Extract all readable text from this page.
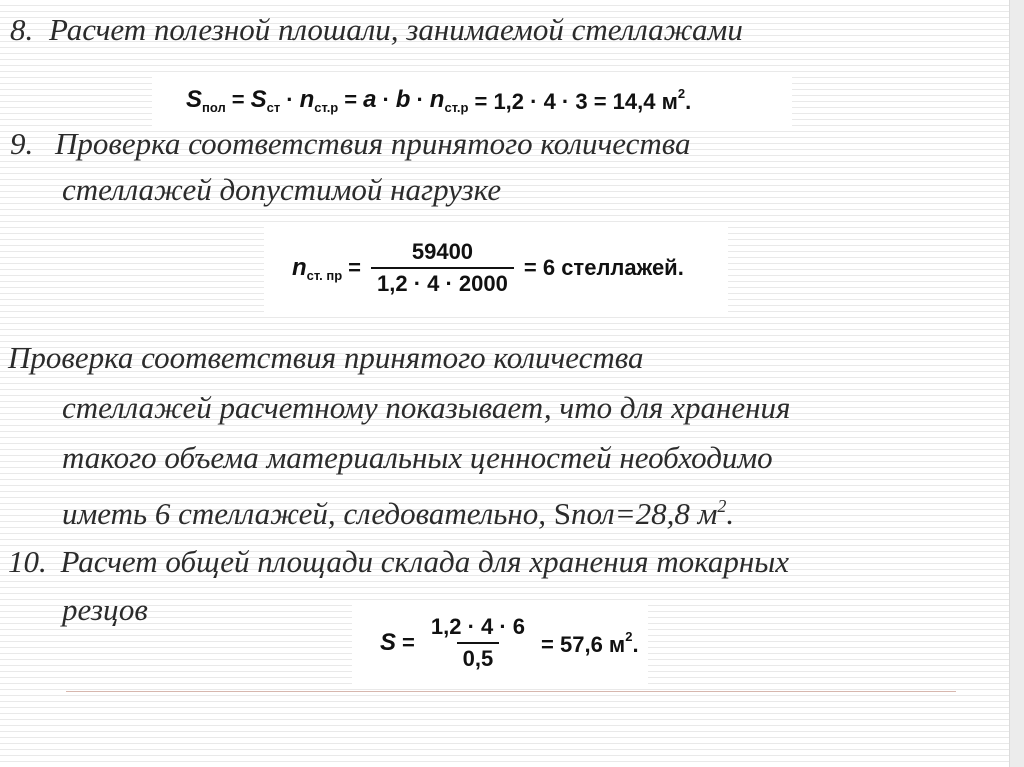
8. Расчет полезной плошали, занимаемой стеллажами
$S_{пол} = S_{ст} \cdot n_{ст.р} = a \cdot b \cdot n_{ст.р} = 1,2 \cdot 4 \cdot 3 = 14,4$ $м^2$.
9. Проверка соответствия принятого количества
стеллажей допустимой нагрузке
$n_{ст. пр} = \frac{59400}{1,2 \cdot 4 \cdot 2000} = 6$ стеллажей.
Проверка соответствия принятого количества
стеллажей расчетному показывает, что для хранения
такого объема материальных ценностей необходимо
иметь 6 стеллажей, следовательно, Sпол=28,8 $м^2$.
10. Расчет общей площади склада для хранения токарных
резцов
$S = \frac{1,2 \cdot 4 \cdot 6}{0,5} = 57,6$ $м^2$.
